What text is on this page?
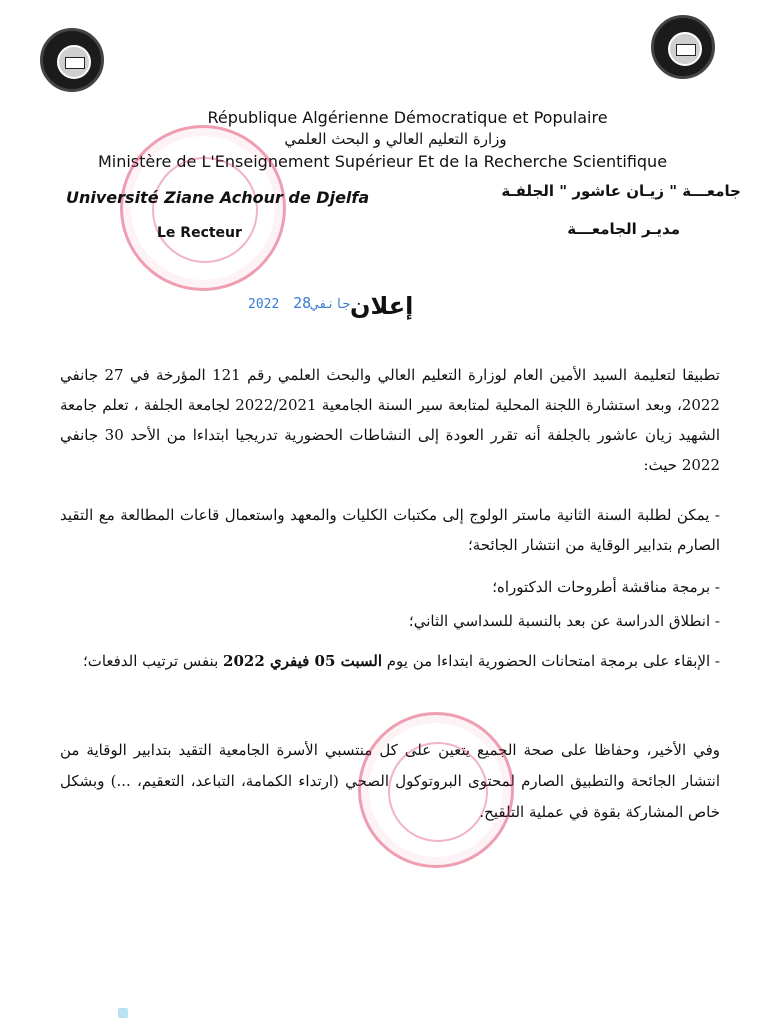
République Algérienne Démocratique et Populaire
وزارة التعليم العالي و البحث العلمي
Ministère de L'Enseignement Supérieur Et de la Recherche Scientifique
Université Ziane Achour de Djelfa
Le Recteur
جامعـــة " زيـان عاشور " الجلفـة
مديـر الجامعـــة
2022 جانفي28	إعلان
تطبيقا لتعليمة السيد الأمين العام لوزارة التعليم العالي والبحث العلمي رقم 121 المؤرخة في 27 جانفي 2022، وبعد استشارة اللجنة المحلية لمتابعة سير السنة الجامعية 2022/2021 لجامعة الجلفة ، تعلم جامعة الشهيد زيان عاشور بالجلفة أنه تقرر العودة إلى النشاطات الحضورية تدريجيا ابتداءا من الأحد 30 جانفي 2022 حيث:
- يمكن لطلبة السنة الثانية ماستر الولوج إلى مكتبات الكليات والمعهد واستعمال قاعات المطالعة مع التقيد الصارم بتدابير الوقاية من انتشار الجائحة؛
- برمجة مناقشة أطروحات الدكتوراه؛
- انطلاق الدراسة عن بعد بالنسبة للسداسي الثاني؛
- الإبقاء على برمجة امتحانات الحضورية ابتداءا من يوم السبت 05 فيفري 2022 بنفس ترتيب الدفعات؛
وفي الأخير، وحفاظا على صحة الجميع يتعين على كل منتسبي الأسرة الجامعية التقيد بتدابير الوقاية من انتشار الجائحة والتطبيق الصارم لمحتوى البروتوكول الصحي (ارتداء الكمامة، التباعد، التعقيم، ...) وبشكل خاص المشاركة بقوة في عملية التلقيح.
